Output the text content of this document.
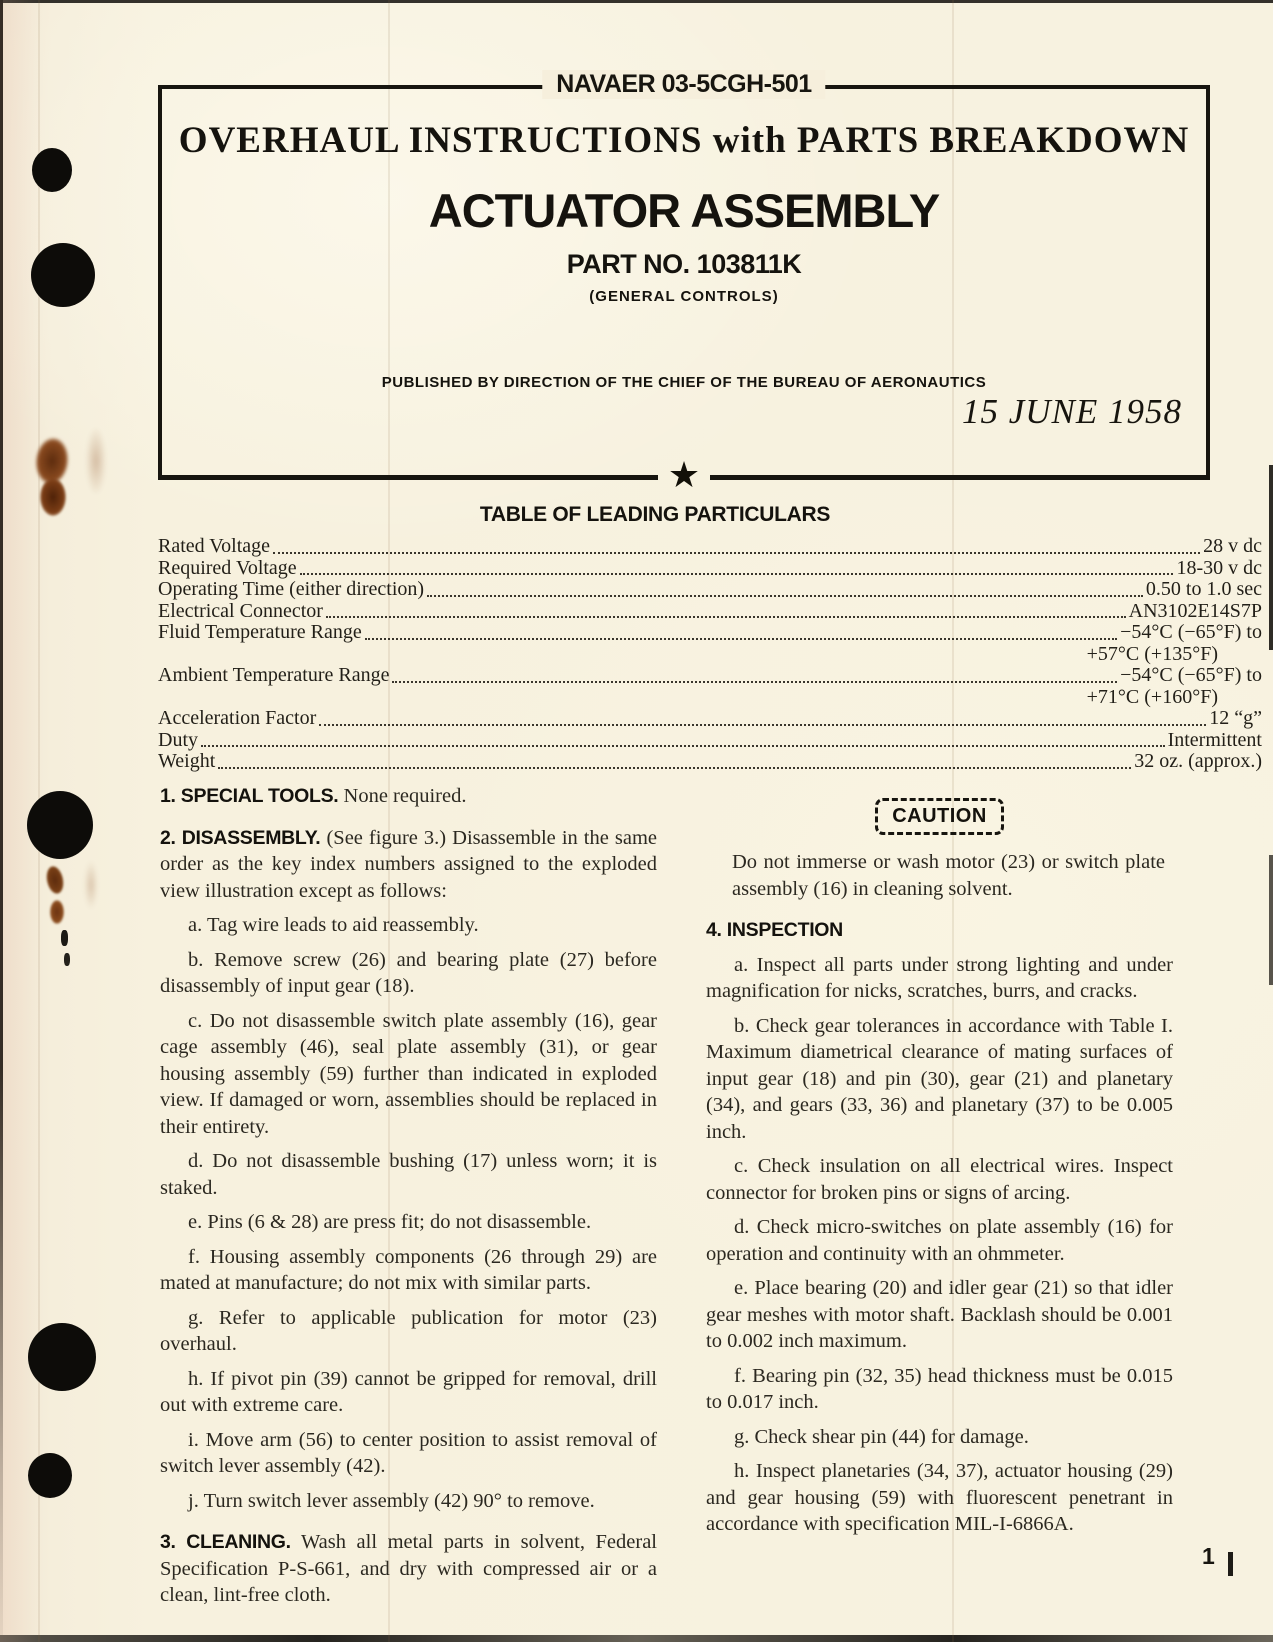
NAVAER 03-5CGH-501
OVERHAUL INSTRUCTIONS with PARTS BREAKDOWN
ACTUATOR ASSEMBLY
PART NO. 103811K
(GENERAL CONTROLS)
PUBLISHED BY DIRECTION OF THE CHIEF OF THE BUREAU OF AERONAUTICS
15 JUNE 1958
★
TABLE OF LEADING PARTICULARS
Rated Voltage	28 v dc
Required Voltage	18-30 v dc
Operating Time (either direction)	0.50 to 1.0 sec
Electrical Connector	AN3102E14S7P
Fluid Temperature Range	−54°C (−65°F) to
+57°C (+135°F)
Ambient Temperature Range	−54°C (−65°F) to
+71°C (+160°F)
Acceleration Factor	12 “g”
Duty	Intermittent
Weight	32 oz. (approx.)

1. SPECIAL TOOLS. None required.

2. DISASSEMBLY. (See figure 3.) Disassemble in the same order as the key index numbers assigned to the exploded view illustration except as follows:

a. Tag wire leads to aid reassembly.

b. Remove screw (26) and bearing plate (27) before disassembly of input gear (18).

c. Do not disassemble switch plate assembly (16), gear cage assembly (46), seal plate assembly (31), or gear housing assembly (59) further than indicated in exploded view. If damaged or worn, assemblies should be replaced in their entirety.

d. Do not disassemble bushing (17) unless worn; it is staked.

e. Pins (6 & 28) are press fit; do not disassemble.

f. Housing assembly components (26 through 29) are mated at manufacture; do not mix with similar parts.

g. Refer to applicable publication for motor (23) overhaul.

h. If pivot pin (39) cannot be gripped for removal, drill out with extreme care.

i. Move arm (56) to center position to assist removal of switch lever assembly (42).

j. Turn switch lever assembly (42) 90° to remove.

3. CLEANING. Wash all metal parts in solvent, Federal Specification P-S-661, and dry with compressed air or a clean, lint-free cloth.

CAUTION

Do not immerse or wash motor (23) or switch plate assembly (16) in cleaning solvent.

4. INSPECTION

a. Inspect all parts under strong lighting and under magnification for nicks, scratches, burrs, and cracks.

b. Check gear tolerances in accordance with Table I. Maximum diametrical clearance of mating surfaces of input gear (18) and pin (30), gear (21) and planetary (34), and gears (33, 36) and planetary (37) to be 0.005 inch.

c. Check insulation on all electrical wires. Inspect connector for broken pins or signs of arcing.

d. Check micro-switches on plate assembly (16) for operation and continuity with an ohmmeter.

e. Place bearing (20) and idler gear (21) so that idler gear meshes with motor shaft. Backlash should be 0.001 to 0.002 inch maximum.

f. Bearing pin (32, 35) head thickness must be 0.015 to 0.017 inch.

g. Check shear pin (44) for damage.

h. Inspect planetaries (34, 37), actuator housing (29) and gear housing (59) with fluorescent penetrant in accordance with specification MIL-I-6866A.

1
